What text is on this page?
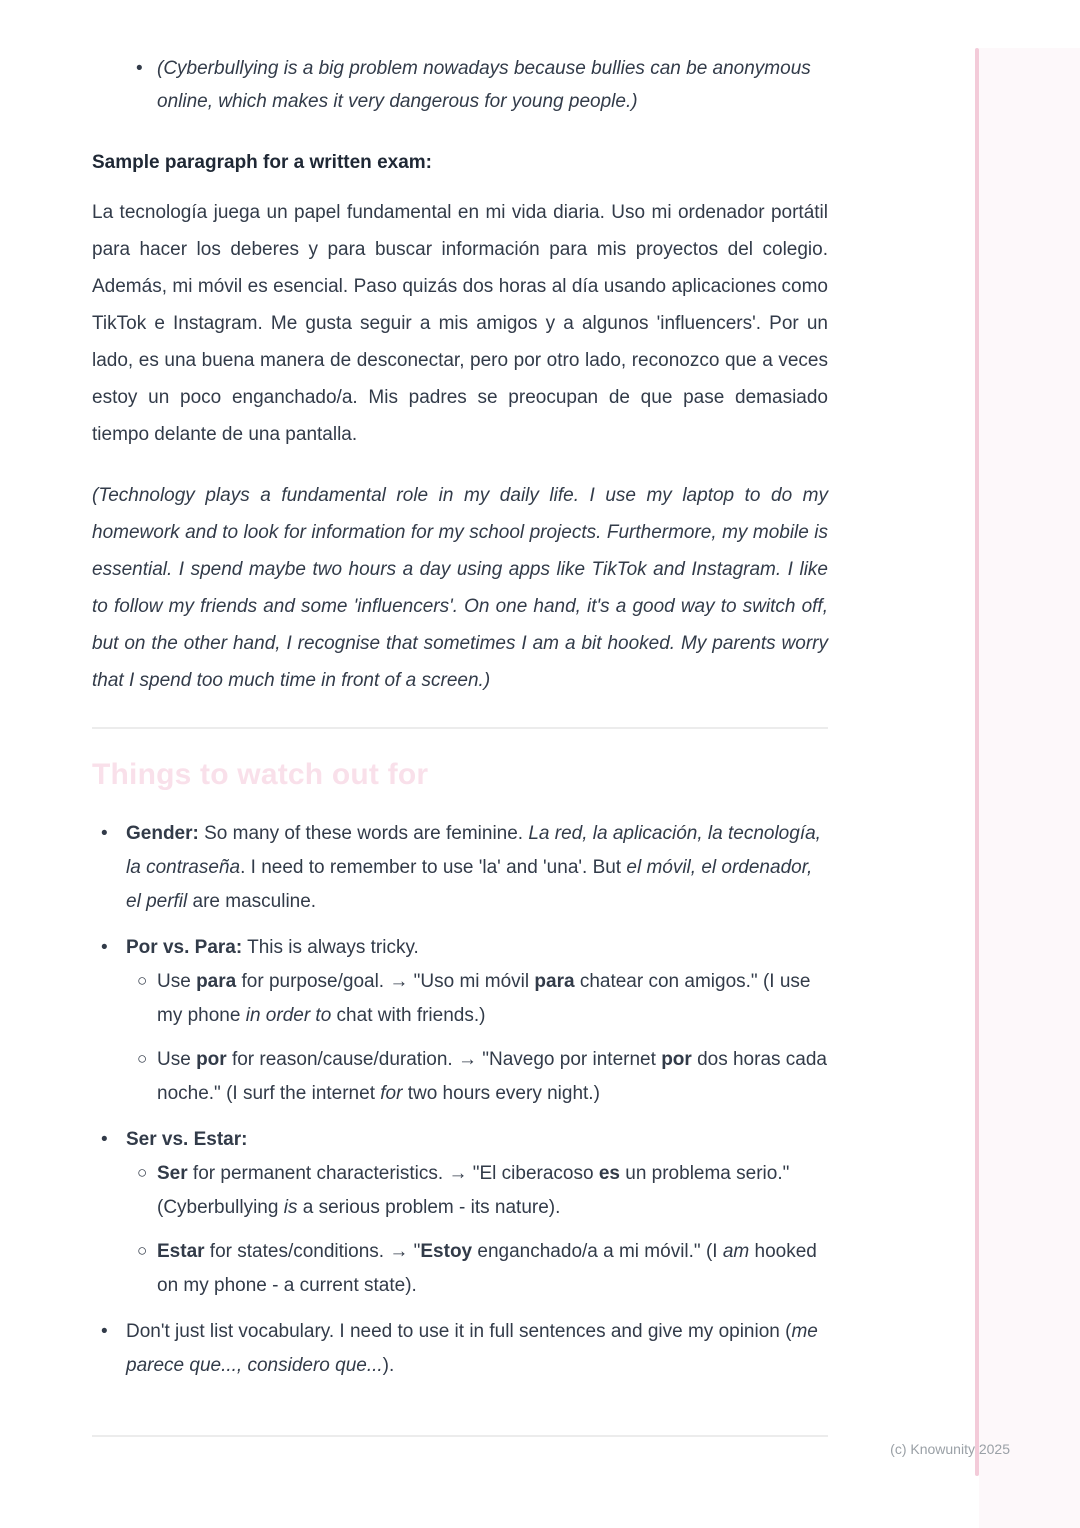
• (Cyberbullying is a big problem nowadays because bullies can be anonymous online, which makes it very dangerous for young people.)
Sample paragraph for a written exam:

La tecnología juega un papel fundamental en mi vida diaria. Uso mi ordenador portátil para hacer los deberes y para buscar información para mis proyectos del colegio. Además, mi móvil es esencial. Paso quizás dos horas al día usando aplicaciones como TikTok e Instagram. Me gusta seguir a mis amigos y a algunos 'influencers'. Por un lado, es una buena manera de desconectar, pero por otro lado, reconozco que a veces estoy un poco enganchado/a. Mis padres se preocupan de que pase demasiado tiempo delante de una pantalla.

(Technology plays a fundamental role in my daily life. I use my laptop to do my homework and to look for information for my school projects. Furthermore, my mobile is essential. I spend maybe two hours a day using apps like TikTok and Instagram. I like to follow my friends and some 'influencers'. On one hand, it's a good way to switch off, but on the other hand, I recognise that sometimes I am a bit hooked. My parents worry that I spend too much time in front of a screen.)

Things to watch out for
• Gender: So many of these words are feminine. La red, la aplicación, la tecnología, la contraseña. I need to remember to use 'la' and 'una'. But el móvil, el ordenador, el perfil are masculine.
• Por vs. Para: This is always tricky.
○ Use para for purpose/goal. → "Uso mi móvil para chatear con amigos." (I use my phone in order to chat with friends.)
○ Use por for reason/cause/duration. → "Navego por internet por dos horas cada noche." (I surf the internet for two hours every night.)
• Ser vs. Estar:
○ Ser for permanent characteristics. → "El ciberacoso es un problema serio." (Cyberbullying is a serious problem - its nature).
○ Estar for states/conditions. → "Estoy enganchado/a a mi móvil." (I am hooked on my phone - a current state).
• Don't just list vocabulary. I need to use it in full sentences and give my opinion (me parece que..., considero que...).
(c) Knowunity 2025
